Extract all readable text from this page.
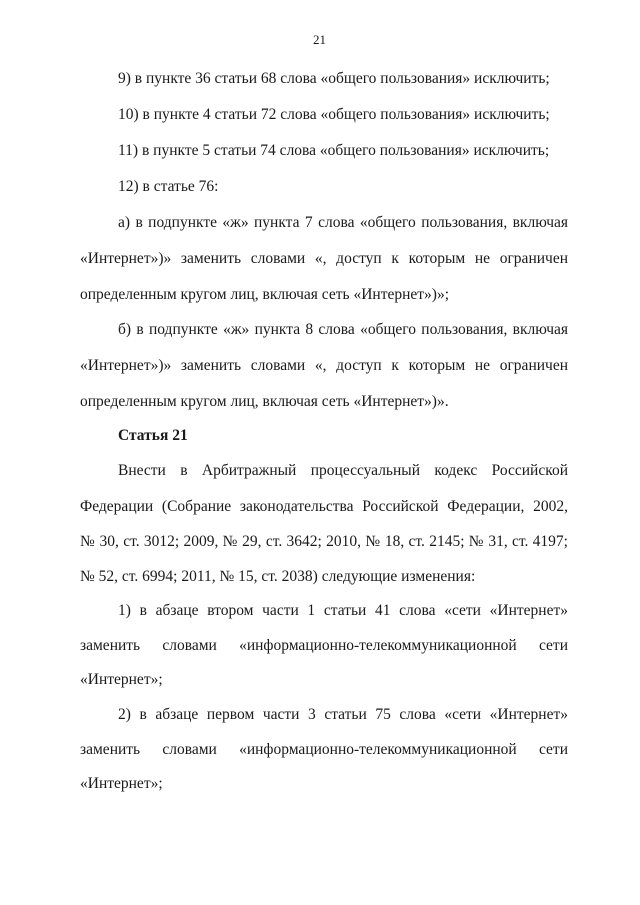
21
9) в пункте 36 статьи 68 слова «общего пользования» исключить;
10) в пункте 4 статьи 72 слова «общего пользования» исключить;
11) в пункте 5 статьи 74 слова «общего пользования» исключить;
12) в статье 76:
а) в подпункте «ж» пункта 7 слова «общего пользования, включая
«Интернет»)» заменить словами «, доступ к которым не ограничен
определенным кругом лиц, включая сеть «Интернет»)»;
б) в подпункте «ж» пункта 8 слова «общего пользования, включая
«Интернет»)» заменить словами «, доступ к которым не ограничен
определенным кругом лиц, включая сеть «Интернет»)».
Статья 21
Внести в Арбитражный процессуальный кодекс Российской
Федерации (Собрание законодательства Российской Федерации, 2002,
№ 30, ст. 3012; 2009, № 29, ст. 3642; 2010, № 18, ст. 2145; № 31, ст. 4197;
№ 52, ст. 6994; 2011, № 15, ст. 2038) следующие изменения:
1) в абзаце втором части 1 статьи 41 слова «сети «Интернет»
заменить словами «информационно-телекоммуникационной сети
«Интернет»;
2) в абзаце первом части 3 статьи 75 слова «сети «Интернет»
заменить словами «информационно-телекоммуникационной сети
«Интернет»;
